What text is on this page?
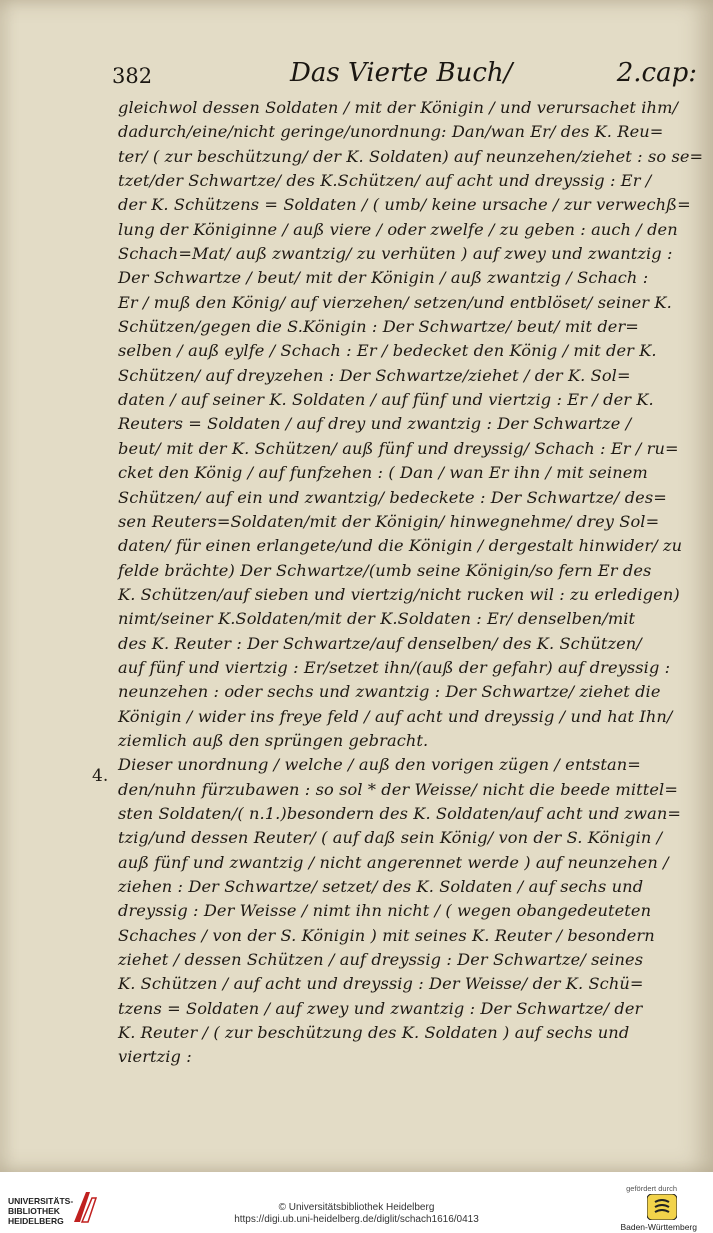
382	Das Vierte Buch/	2.cap:
4.
gleichwol dessen Soldaten / mit der Königin / und verursachet ihm/
dadurch/eine/nicht geringe/unordnung: Dan/wan Er/ des K. Reu=
ter/ ( zur beschützung/ der K. Soldaten) auf neunzehen/ziehet : so se=
tzet/der Schwartze/ des K.Schützen/ auf acht und dreyssig : Er /
der K. Schützens = Soldaten / ( umb/ keine ursache / zur verwechß=
lung der Königinne / auß viere / oder zwelfe / zu geben : auch / den
Schach=Mat/ auß zwantzig/ zu verhüten ) auf zwey und zwantzig :
Der Schwartze / beut/ mit der Königin / auß zwantzig / Schach :
Er / muß den König/ auf vierzehen/ setzen/und entblöset/ seiner K.
Schützen/gegen die S.Königin : Der Schwartze/ beut/ mit der=
selben / auß eylfe / Schach : Er / bedecket den König / mit der K.
Schützen/ auf dreyzehen : Der Schwartze/ziehet / der K. Sol=
daten / auf seiner K. Soldaten / auf fünf und viertzig : Er / der K.
Reuters = Soldaten / auf drey und zwantzig : Der Schwartze /
beut/ mit der K. Schützen/ auß fünf und dreyssig/ Schach : Er / ru=
cket den König / auf funfzehen : ( Dan / wan Er ihn / mit seinem
Schützen/ auf ein und zwantzig/ bedeckete : Der Schwartze/ des=
sen Reuters=Soldaten/mit der Königin/ hinwegnehme/ drey Sol=
daten/ für einen erlangete/und die Königin / dergestalt hinwider/ zu
felde brächte) Der Schwartze/(umb seine Königin/so fern Er des
K. Schützen/auf sieben und viertzig/nicht rucken wil : zu erledigen)
nimt/seiner K.Soldaten/mit der K.Soldaten : Er/ denselben/mit
des K. Reuter : Der Schwartze/auf denselben/ des K. Schützen/
auf fünf und viertzig : Er/setzet ihn/(auß der gefahr) auf dreyssig :
neunzehen : oder sechs und zwantzig : Der Schwartze/ ziehet die
Königin / wider ins freye feld / auf acht und dreyssig / und hat Ihn/
ziemlich auß den sprüngen gebracht.
Dieser unordnung / welche / auß den vorigen zügen / entstan=
den/nuhn fürzubawen : so sol * der Weisse/ nicht die beede mittel=
sten Soldaten/( n.1.)besondern des K. Soldaten/auf acht und zwan=
tzig/und dessen Reuter/ ( auf daß sein König/ von der S. Königin /
auß fünf und zwantzig / nicht angerennet werde ) auf neunzehen /
ziehen : Der Schwartze/ setzet/ des K. Soldaten / auf sechs und
dreyssig : Der Weisse / nimt ihn nicht / ( wegen obangedeuteten
Schaches / von der S. Königin ) mit seines K. Reuter / besondern
ziehet / dessen Schützen / auf dreyssig : Der Schwartze/ seines
K. Schützen / auf acht und dreyssig : Der Weisse/ der K. Schü=
tzens = Soldaten / auf zwey und zwantzig : Der Schwartze/ der
K. Reuter / ( zur beschützung des K. Soldaten ) auf sechs und
viertzig :
UNIVERSITÄTS-
BIBLIOTHEK
HEIDELBERG
© Universitätsbibliothek Heidelberg
https://digi.ub.uni-heidelberg.de/diglit/schach1616/0413
gefördert durch
Baden-Württemberg
